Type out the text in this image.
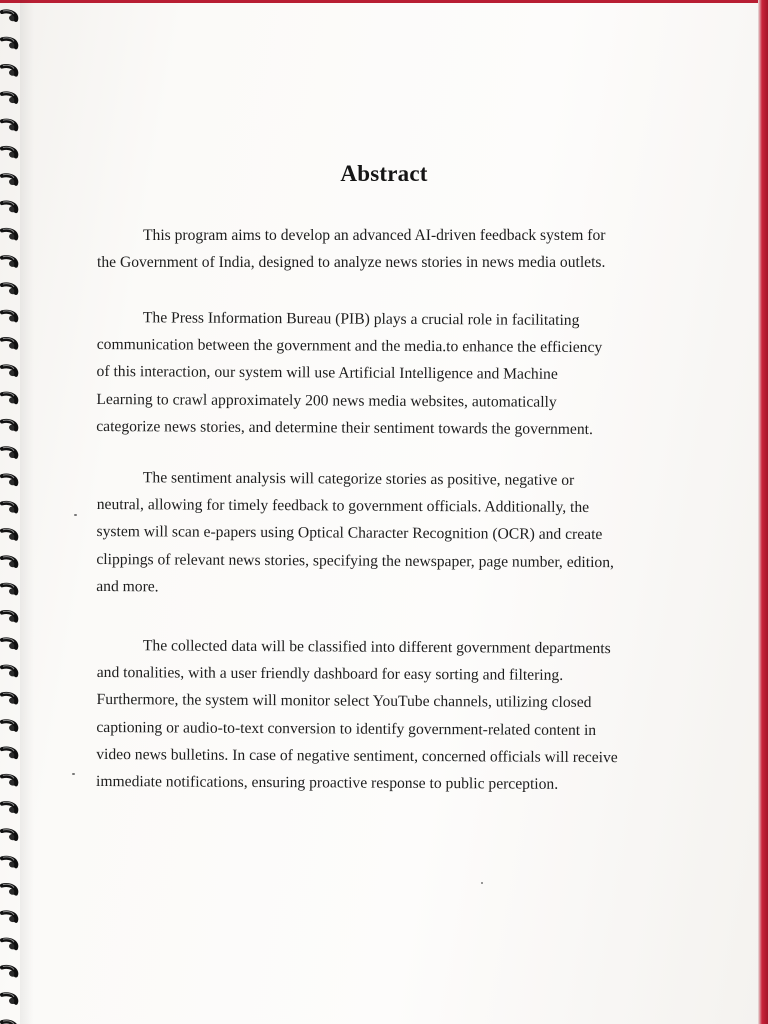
Abstract
This program aims to develop an advanced AI-driven feedback system for
the Government of India, designed to analyze news stories in news media outlets.
The Press Information Bureau (PIB) plays a crucial role in facilitating
communication between the government and the media.to enhance the efficiency
of this interaction, our system will use Artificial Intelligence and Machine
Learning to crawl approximately 200 news media websites, automatically
categorize news stories, and determine their sentiment towards the government.
The sentiment analysis will categorize stories as positive, negative or
neutral, allowing for timely feedback to government officials. Additionally, the
system will scan e-papers using Optical Character Recognition (OCR) and create
clippings of relevant news stories, specifying the newspaper, page number, edition,
and more.
The collected data will be classified into different government departments
and tonalities, with a user friendly dashboard for easy sorting and filtering.
Furthermore, the system will monitor select YouTube channels, utilizing closed
captioning or audio-to-text conversion to identify government-related content in
video news bulletins. In case of negative sentiment, concerned officials will receive
immediate notifications, ensuring proactive response to public perception.
